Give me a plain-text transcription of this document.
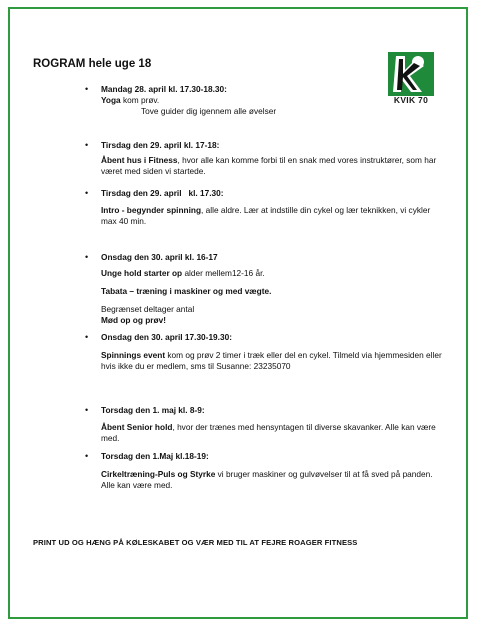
ROGRAM hele uge 18
KVIK 70
• Mandag 28. april kl. 17.30-18.30:

Yoga kom prøv.

Tove guider dig igennem alle øvelser

• Tirsdag den 29. april kl. 17-18:

Åbent hus i Fitness, hvor alle kan komme forbi til en snak med vores instruktører, som har været med siden vi startede.

• Tirsdag den 29. april   kl. 17.30:

Intro - begynder spinning, alle aldre. Lær at indstille din cykel og lær teknikken, vi cykler max 40 min.

• Onsdag den 30. april kl. 16-17

Unge hold starter op alder mellem12-16 år.

Tabata – træning i maskiner og med vægte.

Begrænset deltager antal

Mød op og prøv!

• Onsdag den 30. april 17.30-19.30:

Spinnings event kom og prøv 2 timer i træk eller del en cykel. Tilmeld via hjemmesiden eller hvis ikke du er medlem, sms til Susanne: 23235070

• Torsdag den 1. maj kl. 8-9:

Åbent Senior hold, hvor der trænes med hensyntagen til diverse skavanker. Alle kan være med.

• Torsdag den 1.Maj kl.18-19:

Cirkeltræning-Puls og Styrke vi bruger maskiner og gulvøvelser til at få sved på panden. Alle kan være med.

PRINT UD OG HÆNG PÅ KØLESKABET OG VÆR MED TIL AT FEJRE ROAGER FITNESS
